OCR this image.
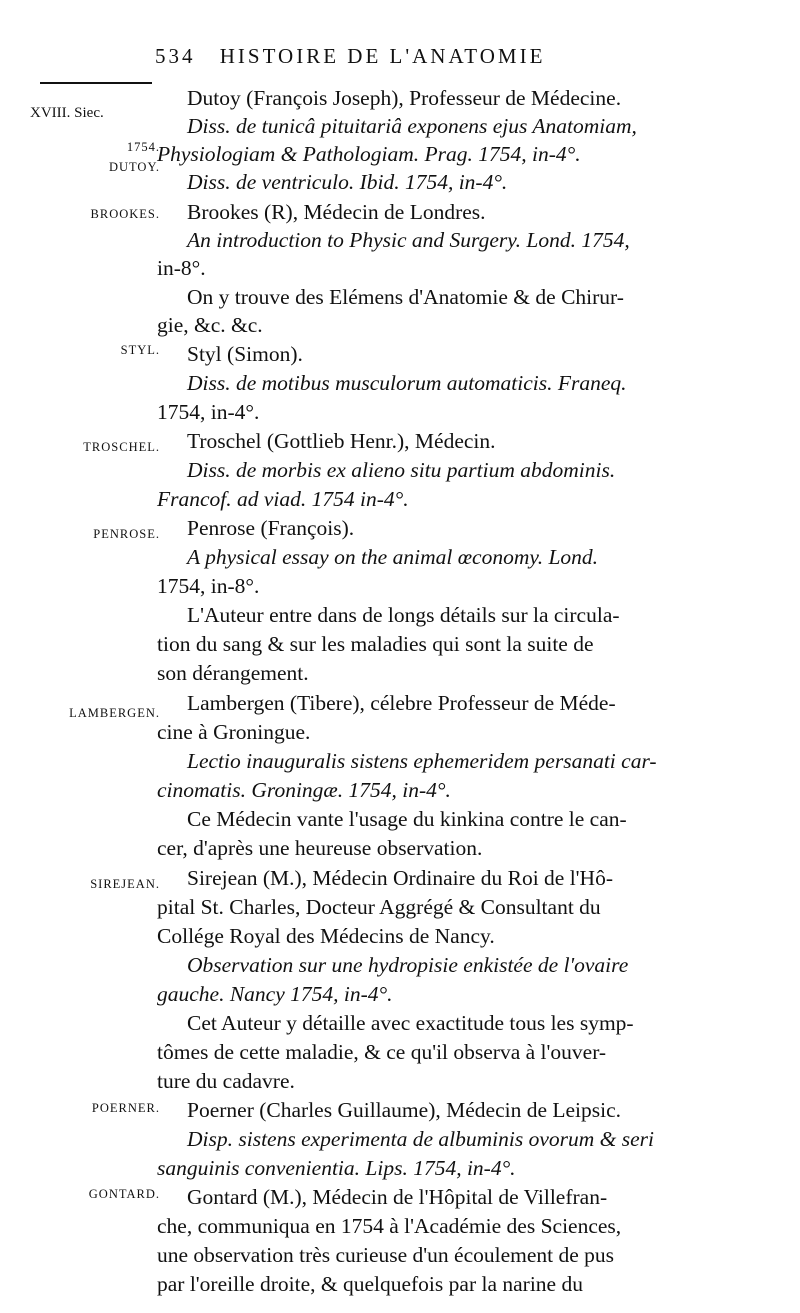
534 HISTOIRE DE L'ANATOMIE
XVIII. Siec.
1754.
DUTOY.
BROOKES.
STYL.
TROSCHEL.
PENROSE.
LAMBERGEN.
SIREJEAN.
POERNER.
GONTARD.
Dutoy (François Joseph), Professeur de Médecine.
Diss. de tunicâ pituitariâ exponens ejus Anatomiam,
Physiologiam & Pathologiam. Prag. 1754, in-4°.
Diss. de ventriculo. Ibid. 1754, in-4°.
Brookes (R), Médecin de Londres.
An introduction to Physic and Surgery. Lond. 1754,
in-8°.
On y trouve des Elémens d'Anatomie & de Chirur-
gie, &c. &c.
Styl (Simon).
Diss. de motibus musculorum automaticis. Franeq.
1754, in-4°.
Troschel (Gottlieb Henr.), Médecin.
Diss. de morbis ex alieno situ partium abdominis.
Francof. ad viad. 1754 in-4°.
Penrose (François).
A physical essay on the animal œconomy. Lond.
1754, in-8°.
L'Auteur entre dans de longs détails sur la circula-
tion du sang & sur les maladies qui sont la suite de
son dérangement.
Lambergen (Tibere), célebre Professeur de Méde-
cine à Groningue.
Lectio inauguralis sistens ephemeridem persanati car-
cinomatis. Groningæ. 1754, in-4°.
Ce Médecin vante l'usage du kinkina contre le can-
cer, d'après une heureuse observation.
Sirejean (M.), Médecin Ordinaire du Roi de l'Hô-
pital St. Charles, Docteur Aggrégé & Consultant du
Collége Royal des Médecins de Nancy.
Observation sur une hydropisie enkistée de l'ovaire
gauche. Nancy 1754, in-4°.
Cet Auteur y détaille avec exactitude tous les symp-
tômes de cette maladie, & ce qu'il observa à l'ouver-
ture du cadavre.
Poerner (Charles Guillaume), Médecin de Leipsic.
Disp. sistens experimenta de albuminis ovorum & seri
sanguinis convenientia. Lips. 1754, in-4°.
Gontard (M.), Médecin de l'Hôpital de Villefran-
che, communiqua en 1754 à l'Académie des Sciences,
une observation très curieuse d'un écoulement de pus
par l'oreille droite, & quelquefois par la narine du
